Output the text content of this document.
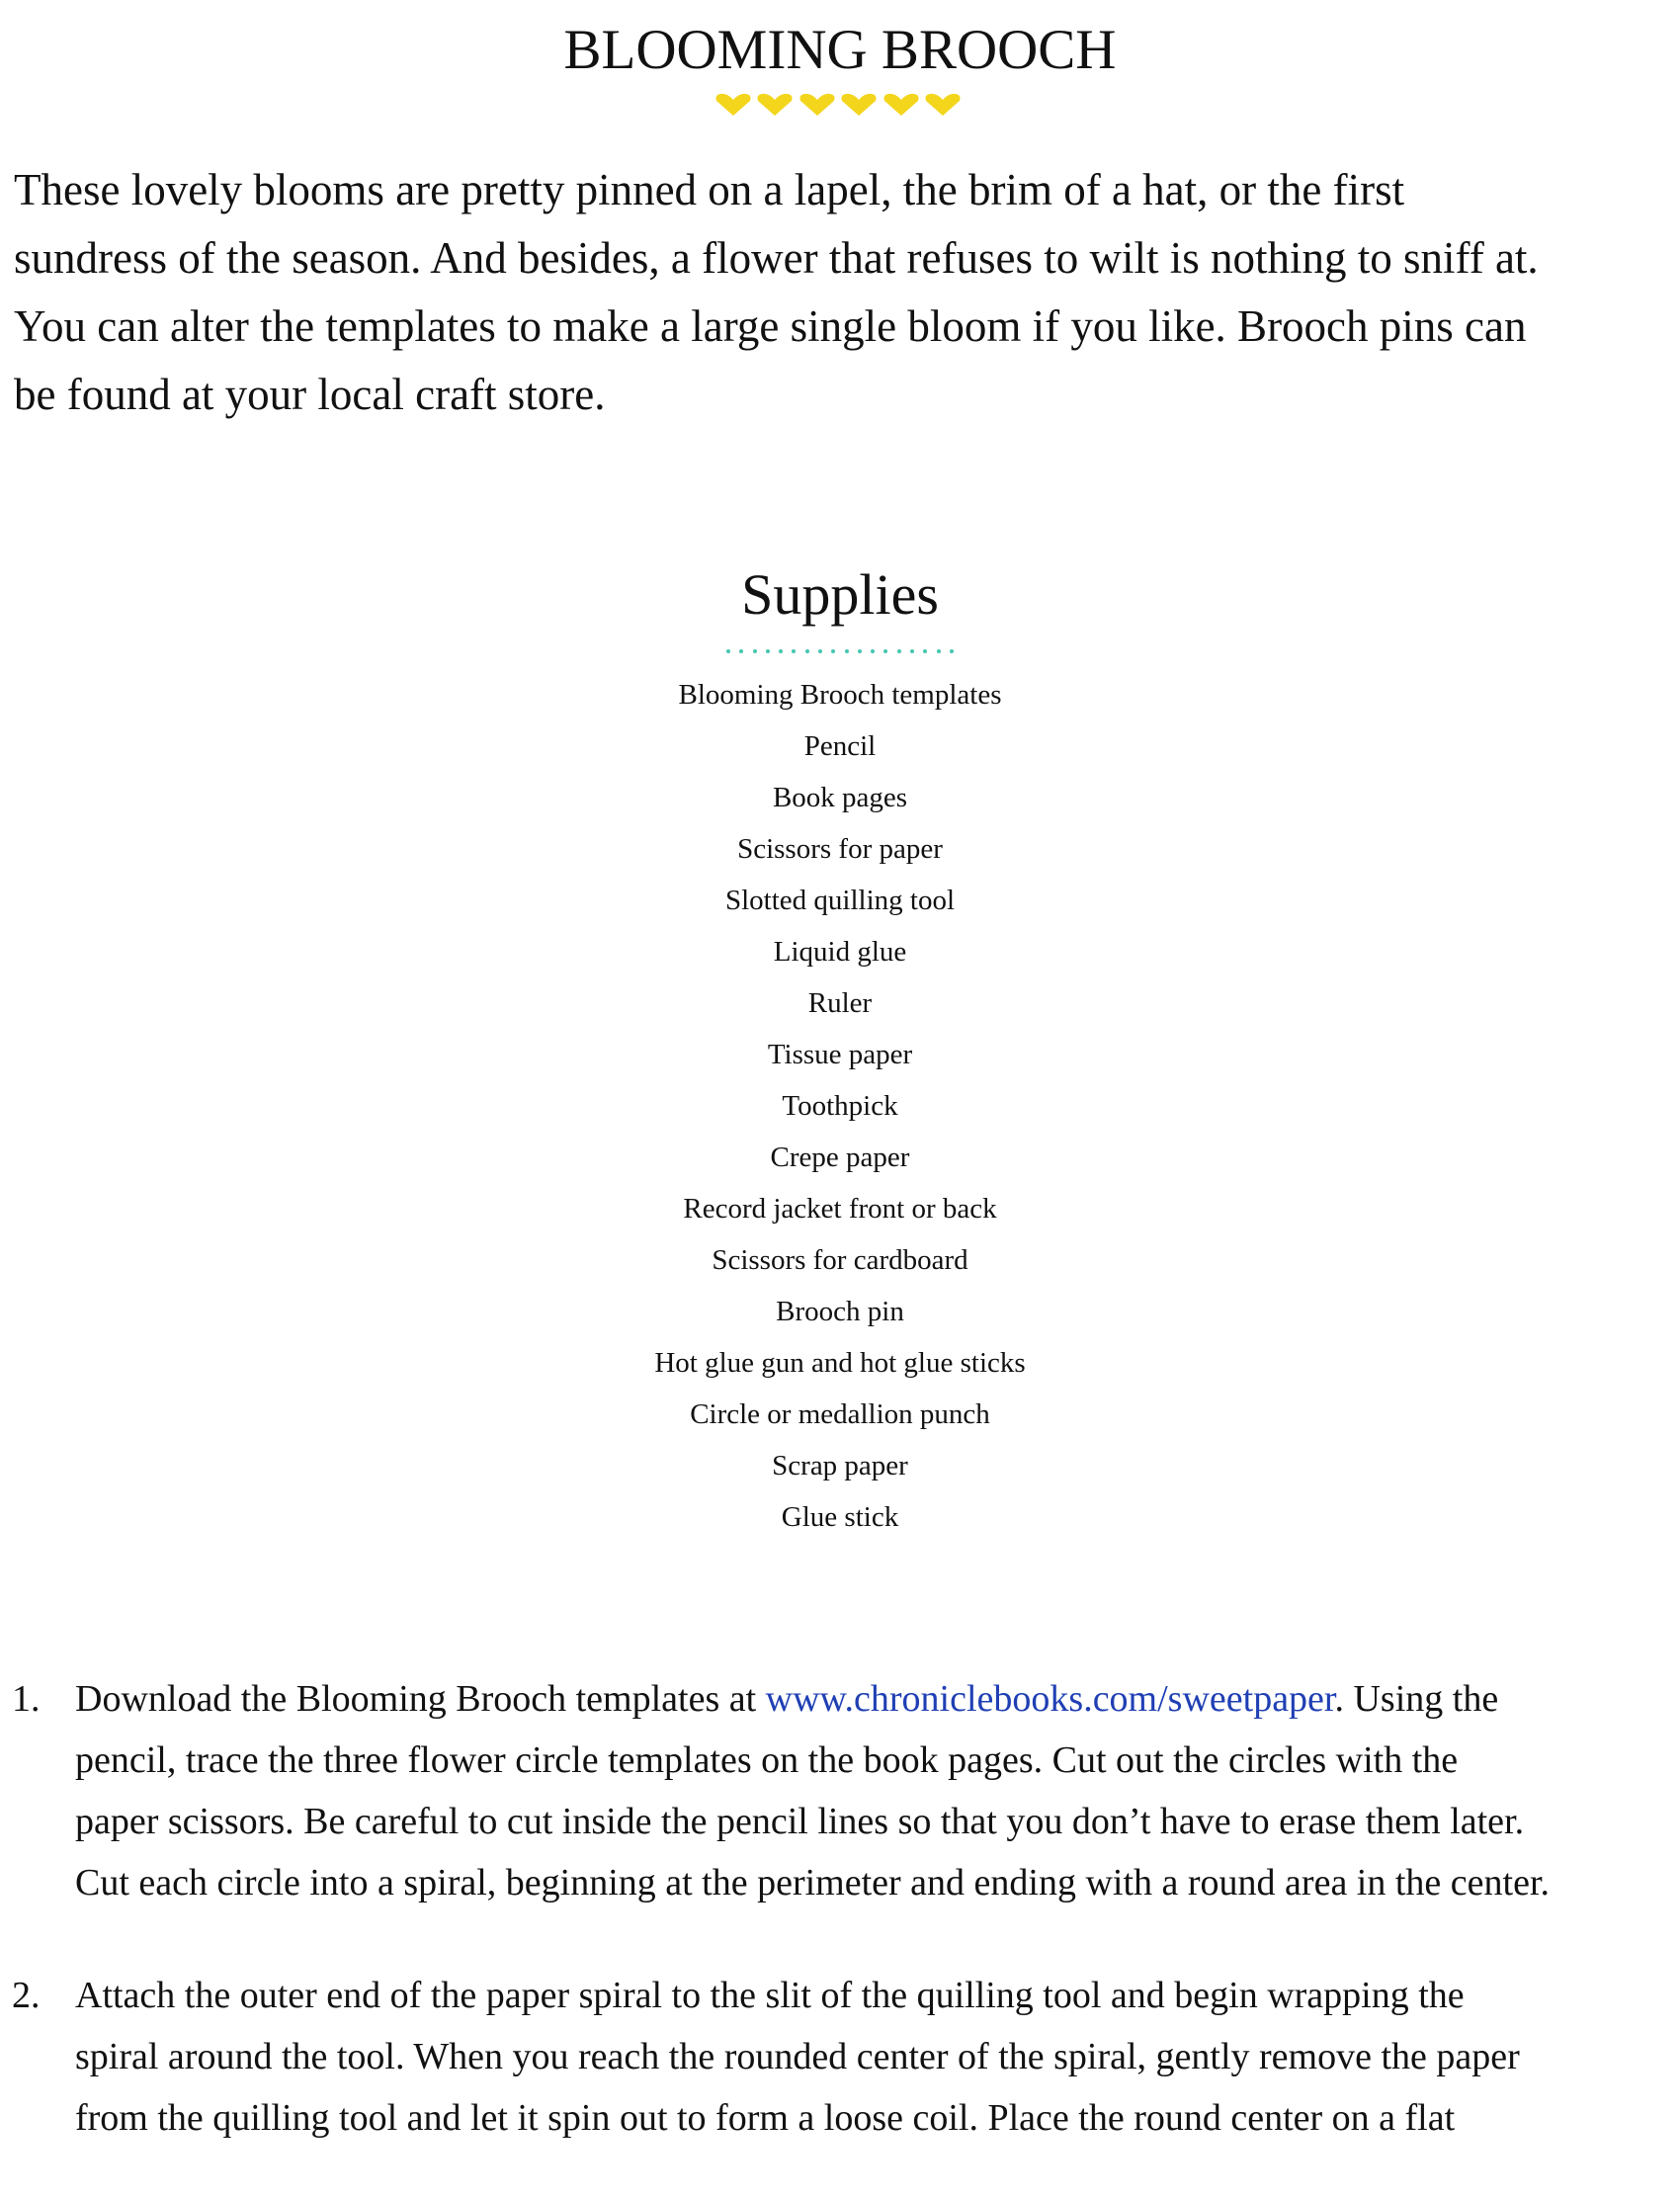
BLOOMING BROOCH
These lovely blooms are pretty pinned on a lapel, the brim of a hat, or the first
sundress of the season. And besides, a flower that refuses to wilt is nothing to sniff at.
You can alter the templates to make a large single bloom if you like. Brooch pins can
be found at your local craft store.
Supplies
Blooming Brooch templates
Pencil
Book pages
Scissors for paper
Slotted quilling tool
Liquid glue
Ruler
Tissue paper
Toothpick
Crepe paper
Record jacket front or back
Scissors for cardboard
Brooch pin
Hot glue gun and hot glue sticks
Circle or medallion punch
Scrap paper
Glue stick
1. Download the Blooming Brooch templates at www.chroniclebooks.com/sweetpaper. Using the
pencil, trace the three flower circle templates on the book pages. Cut out the circles with the
paper scissors. Be careful to cut inside the pencil lines so that you don’t have to erase them later.
Cut each circle into a spiral, beginning at the perimeter and ending with a round area in the center.
2. Attach the outer end of the paper spiral to the slit of the quilling tool and begin wrapping the
spiral around the tool. When you reach the rounded center of the spiral, gently remove the paper
from the quilling tool and let it spin out to form a loose coil. Place the round center on a flat
